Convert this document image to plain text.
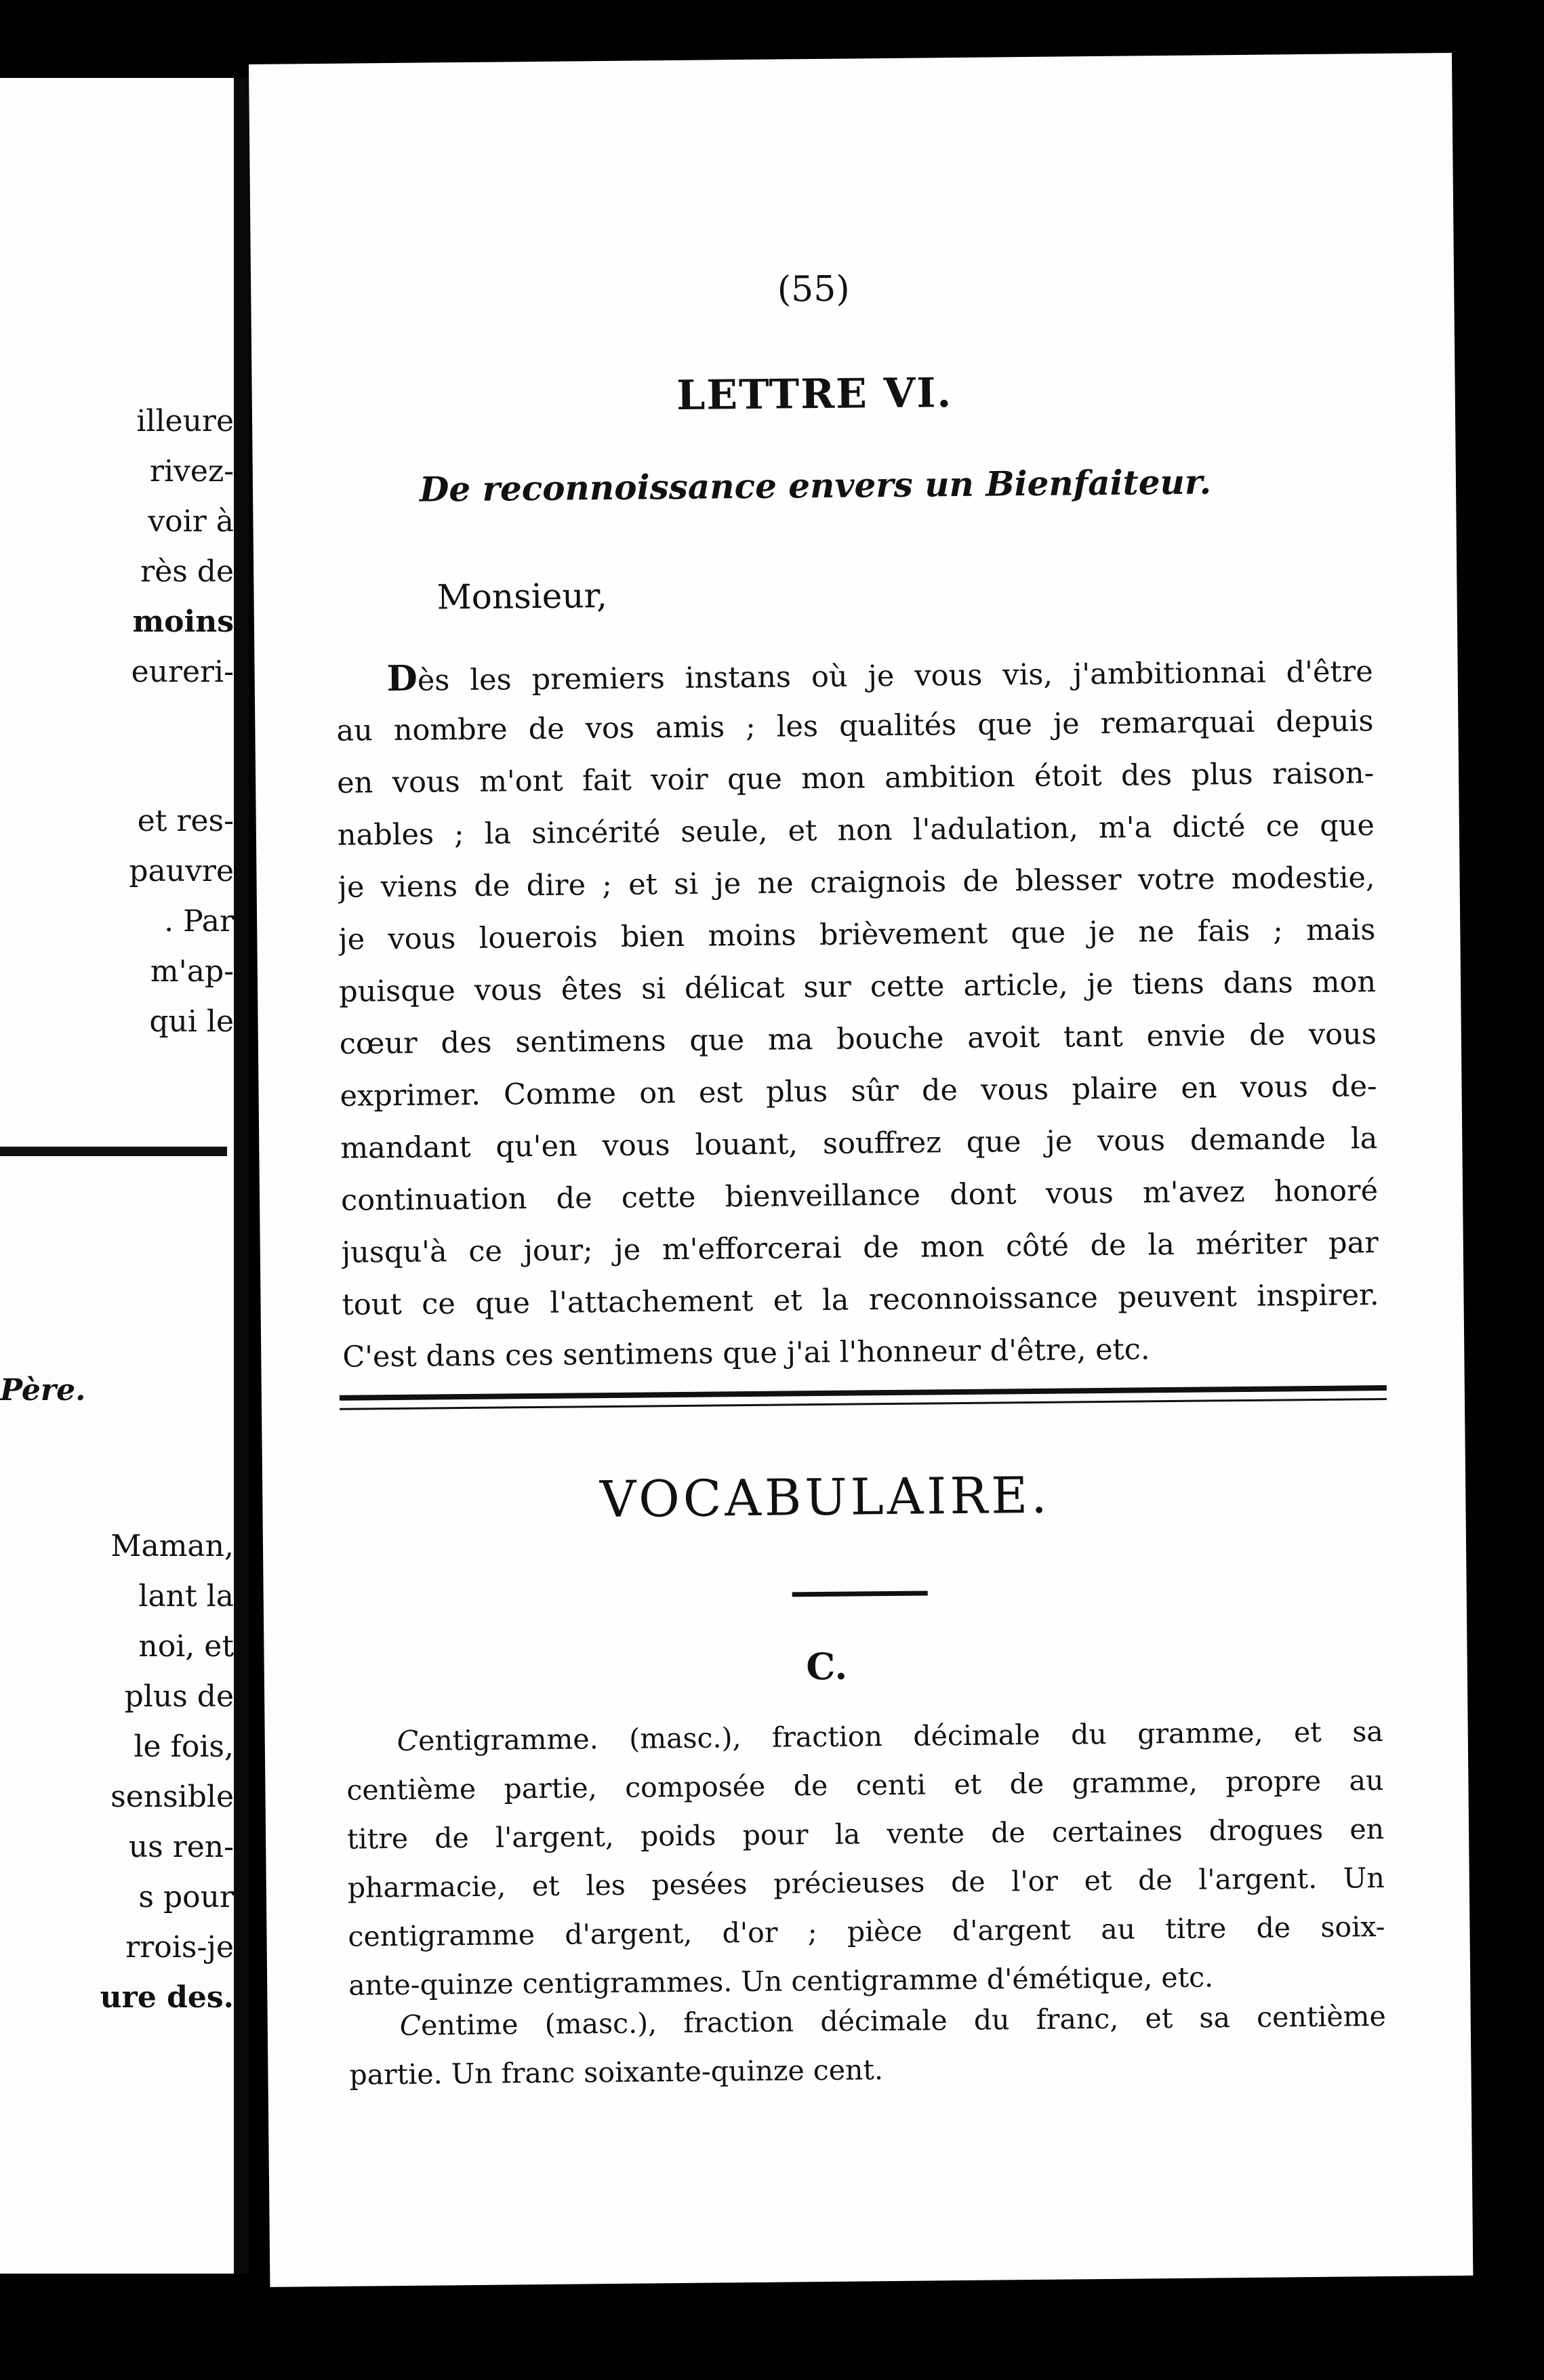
illeure
rivez-
voir à
rès de
moins
eureri-
et res-
pauvre
. Par
m'ap-
qui le
Père.
Maman,
lant la
noi, et
plus de
le fois,
sensible
us ren-
s pour
rrois-je
ure des.
(55)
LETTRE VI.
De reconnoissance envers un Bienfaiteur.
Monsieur,
Dès les premiers instans où je vous vis, j'ambitionnai d'être
au nombre de vos amis ; les qualités que je remarquai depuis
en vous m'ont fait voir que mon ambition étoit des plus raison-
nables ; la sincérité seule, et non l'adulation, m'a dicté ce que
je viens de dire ; et si je ne craignois de blesser votre modestie,
je vous louerois bien moins brièvement que je ne fais ; mais
puisque vous êtes si délicat sur cette article, je tiens dans mon
cœur des sentimens que ma bouche avoit tant envie de vous
exprimer. Comme on est plus sûr de vous plaire en vous de-
mandant qu'en vous louant, souffrez que je vous demande la
continuation de cette bienveillance dont vous m'avez honoré
jusqu'à ce jour; je m'efforcerai de mon côté de la mériter par
tout ce que l'attachement et la reconnoissance peuvent inspirer.
C'est dans ces sentimens que j'ai l'honneur d'être, etc.
VOCABULAIRE.
C.
Centigramme. (masc.), fraction décimale du gramme, et sa
centième partie, composée de centi et de gramme, propre au
titre de l'argent, poids pour la vente de certaines drogues en
pharmacie, et les pesées précieuses de l'or et de l'argent. Un
centigramme d'argent, d'or ; pièce d'argent au titre de soix-
ante-quinze centigrammes. Un centigramme d'émétique, etc.
Centime (masc.), fraction décimale du franc, et sa centième
partie. Un franc soixante-quinze cent.
